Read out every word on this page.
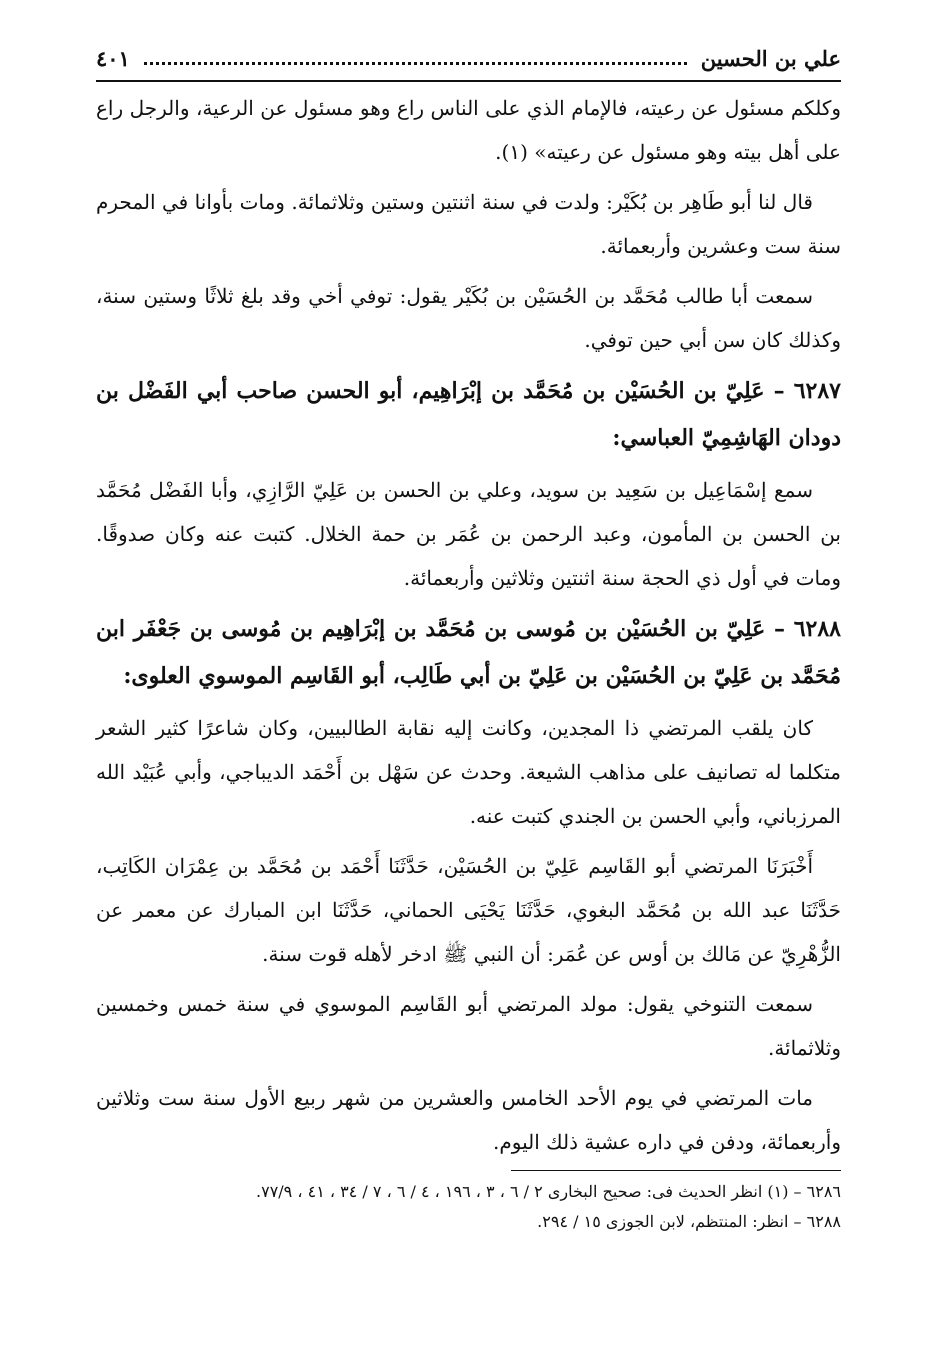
علي بن الحسين
٤٠١

وكلكم مسئول عن رعيته، فالإمام الذي على الناس راع وهو مسئول عن الرعية، والرجل راع على أهل بيته وهو مسئول عن رعيته» (١).

قال لنا أبو طَاهِر بن بُكَيْر: ولدت في سنة اثنتين وستين وثلاثمائة. ومات بأوانا في المحرم سنة ست وعشرين وأربعمائة.

سمعت أبا طالب مُحَمَّد بن الحُسَيْن بن بُكَيْر يقول: توفي أخي وقد بلغ ثلاثًا وستين سنة، وكذلك كان سن أبي حين توفي.

٦٢٨٧ – عَلِيّ بن الحُسَيْن بن مُحَمَّد بن إبْرَاهِيم، أبو الحسن صاحب أبي الفَضْل بن دودان الهَاشِمِيّ العباسي:

سمع إسْمَاعِيل بن سَعِيد بن سويد، وعلي بن الحسن بن عَلِيّ الرَّازِي، وأبا الفَضْل مُحَمَّد بن الحسن بن المأمون، وعبد الرحمن بن عُمَر بن حمة الخلال. كتبت عنه وكان صدوقًا. ومات في أول ذي الحجة سنة اثنتين وثلاثين وأربعمائة.

٦٢٨٨ – عَلِيّ بن الحُسَيْن بن مُوسى بن مُحَمَّد بن إبْرَاهِيم بن مُوسى بن جَعْفَر ابن مُحَمَّد بن عَلِيّ بن الحُسَيْن بن عَلِيّ بن أبي طَالِب، أبو القَاسِم الموسوي العلوى:

كان يلقب المرتضي ذا المجدين، وكانت إليه نقابة الطالبيين، وكان شاعرًا كثير الشعر متكلما له تصانيف على مذاهب الشيعة. وحدث عن سَهْل بن أَحْمَد الديباجي، وأبي عُبَيْد الله المرزباني، وأبي الحسن بن الجندي كتبت عنه.

أَخْبَرَنَا المرتضي أبو القَاسِم عَلِيّ بن الحُسَيْن، حَدَّثَنَا أَحْمَد بن مُحَمَّد بن عِمْرَان الكَاتِب، حَدَّثَنَا عبد الله بن مُحَمَّد البغوي، حَدَّثَنَا يَحْيَى الحماني، حَدَّثَنَا ابن المبارك عن معمر عن الزُّهْرِيّ عن مَالك بن أوس عن عُمَر: أن النبي ﷺ ادخر لأهله قوت سنة.

سمعت التنوخي يقول: مولد المرتضي أبو القَاسِم الموسوي في سنة خمس وخمسين وثلاثمائة.

مات المرتضي في يوم الأحد الخامس والعشرين من شهر ربيع الأول سنة ست وثلاثين وأربعمائة، ودفن في داره عشية ذلك اليوم.

٦٢٨٦ – (١) انظر الحديث فى: صحيح البخارى ٢ / ٦ ، ٣ ، ١٩٦ ، ٤ / ٦ ، ٧ / ٣٤ ، ٤١ ، ٧٧/٩.

٦٢٨٨ – انظر: المنتظم، لابن الجوزى ١٥ / ٢٩٤.
